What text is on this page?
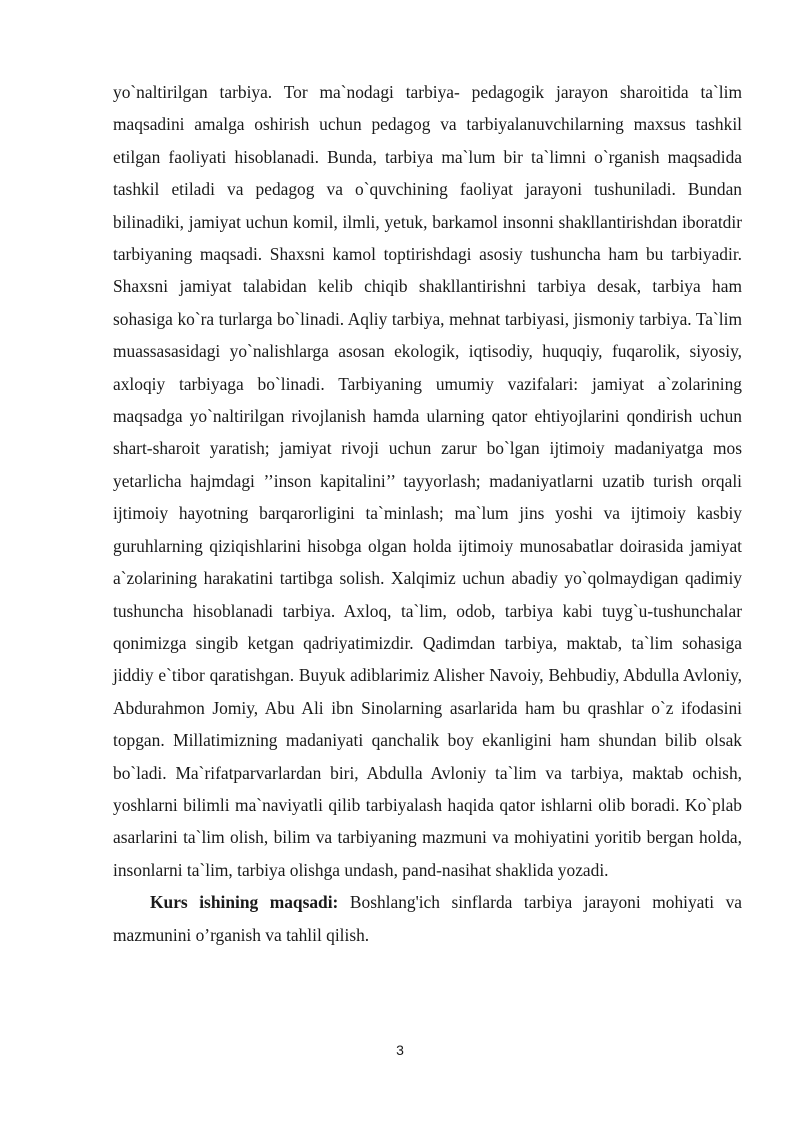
yo`naltirilgan tarbiya. Tor ma`nodagi tarbiya- pedagogik jarayon sharoitida ta`lim maqsadini amalga oshirish uchun pedagog va tarbiyalanuvchilarning maxsus tashkil etilgan faoliyati hisoblanadi. Bunda, tarbiya ma`lum bir ta`limni o`rganish maqsadida tashkil etiladi va pedagog va o`quvchining faoliyat jarayoni tushuniladi. Bundan bilinadiki, jamiyat uchun komil, ilmli, yetuk, barkamol insonni shakllantirishdan iboratdir tarbiyaning maqsadi. Shaxsni kamol toptirishdagi asosiy tushuncha ham bu tarbiyadir. Shaxsni jamiyat talabidan kelib chiqib shakllantirishni tarbiya desak, tarbiya ham sohasiga ko`ra turlarga bo`linadi. Aqliy tarbiya, mehnat tarbiyasi, jismoniy tarbiya. Ta`lim muassasasidagi yo`nalishlarga asosan ekologik, iqtisodiy, huquqiy, fuqarolik, siyosiy, axloqiy tarbiyaga bo`linadi. Tarbiyaning umumiy vazifalari: jamiyat a`zolarining maqsadga yo`naltirilgan rivojlanish hamda ularning qator ehtiyojlarini qondirish uchun shart-sharoit yaratish; jamiyat rivoji uchun zarur bo`lgan ijtimoiy madaniyatga mos yetarlicha hajmdagi ’’inson kapitalini’’ tayyorlash; madaniyatlarni uzatib turish orqali ijtimoiy hayotning barqarorligini ta`minlash; ma`lum jins yoshi va ijtimoiy kasbiy guruhlarning qiziqishlarini hisobga olgan holda ijtimoiy munosabatlar doirasida jamiyat a`zolarining harakatini tartibga solish. Xalqimiz uchun abadiy yo`qolmaydigan qadimiy tushuncha hisoblanadi tarbiya. Axloq, ta`lim, odob, tarbiya kabi tuyg`u-tushunchalar qonimizga singib ketgan qadriyatimizdir. Qadimdan tarbiya, maktab, ta`lim sohasiga jiddiy e`tibor qaratishgan. Buyuk adiblarimiz Alisher Navoiy, Behbudiy, Abdulla Avloniy, Abdurahmon Jomiy, Abu Ali ibn Sinolarning asarlarida ham bu qrashlar o`z ifodasini topgan. Millatimizning madaniyati qanchalik boy ekanligini ham shundan bilib olsak bo`ladi. Ma`rifatparvarlardan biri, Abdulla Avloniy ta`lim va tarbiya, maktab ochish, yoshlarni bilimli ma`naviyatli qilib tarbiyalash haqida qator ishlarni olib boradi. Ko`plab asarlarini ta`lim olish, bilim va tarbiyaning mazmuni va mohiyatini yoritib bergan holda, insonlarni ta`lim, tarbiya olishga undash, pand-nasihat shaklida yozadi.

Kurs ishining maqsadi: Boshlang'ich sinflarda tarbiya jarayoni mohiyati va mazmunini o’rganish va tahlil qilish.

3
